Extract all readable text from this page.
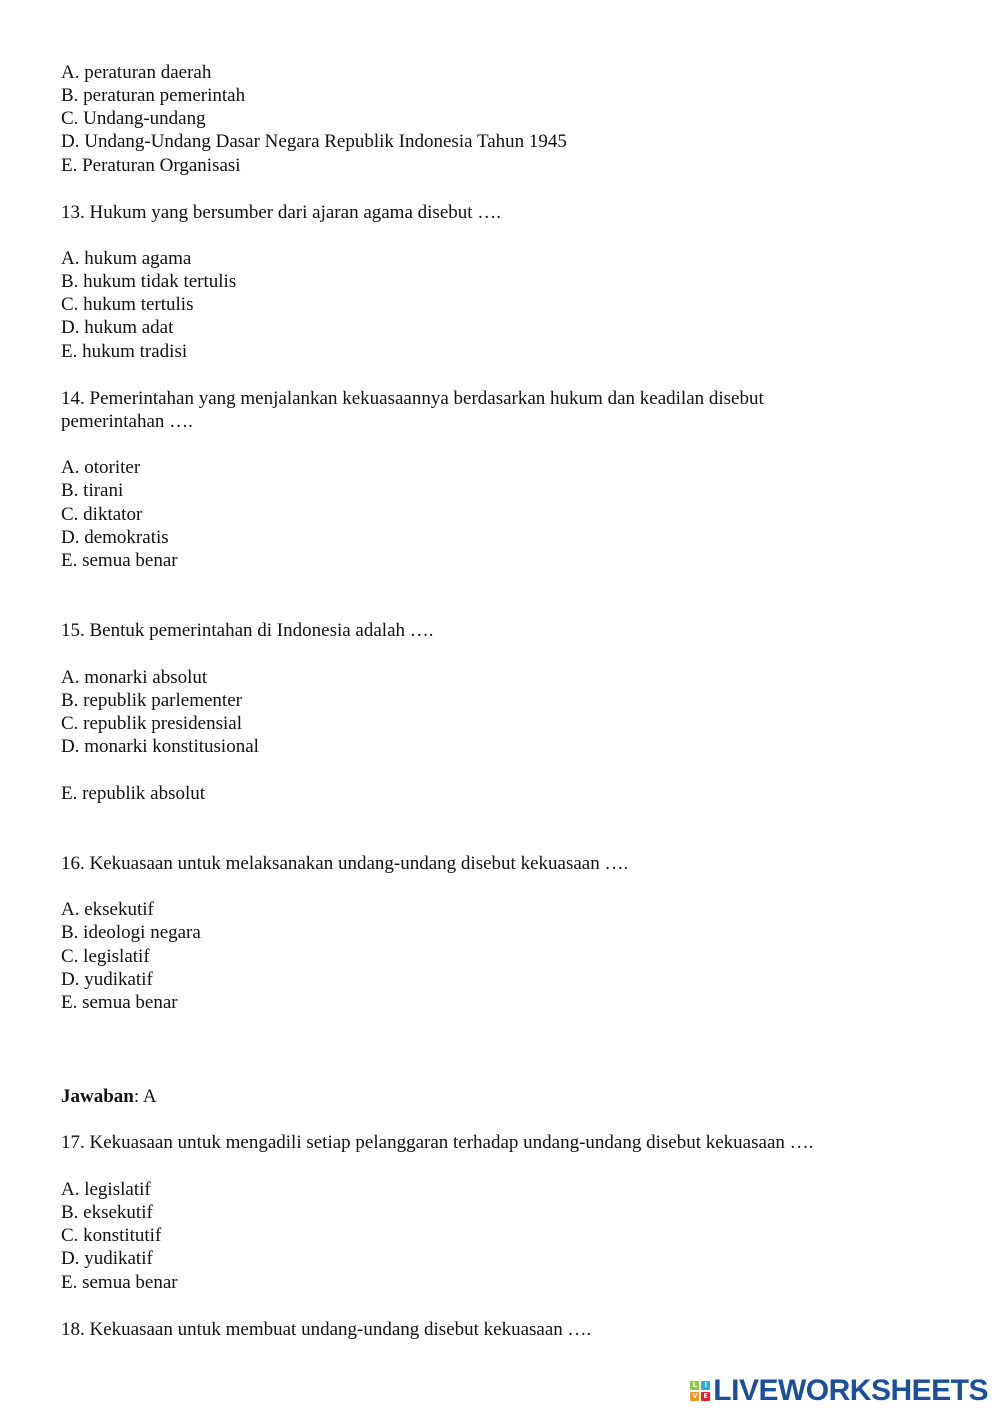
A. peraturan daerah
B. peraturan pemerintah
C. Undang-undang
D. Undang-Undang Dasar Negara Republik Indonesia Tahun 1945
E. Peraturan Organisasi
13. Hukum yang bersumber dari ajaran agama disebut ….
A. hukum agama
B. hukum tidak tertulis
C. hukum tertulis
D. hukum adat
E. hukum tradisi
14. Pemerintahan yang menjalankan kekuasaannya berdasarkan hukum dan keadilan disebut
pemerintahan ….
A. otoriter
B. tirani
C. diktator
D. demokratis
E. semua benar
15. Bentuk pemerintahan di Indonesia adalah ….
A. monarki absolut
B. republik parlementer
C. republik presidensial
D. monarki konstitusional
E. republik absolut
16. Kekuasaan untuk melaksanakan undang-undang disebut kekuasaan ….
A. eksekutif
B. ideologi negara
C. legislatif
D. yudikatif
E. semua benar
Jawaban: A
17. Kekuasaan untuk mengadili setiap pelanggaran terhadap undang-undang disebut kekuasaan ….
A. legislatif
B. eksekutif
C. konstitutif
D. yudikatif
E. semua benar
18. Kekuasaan untuk membuat undang-undang disebut kekuasaan ….
L	I
V E LIVEWORKSHEETS
